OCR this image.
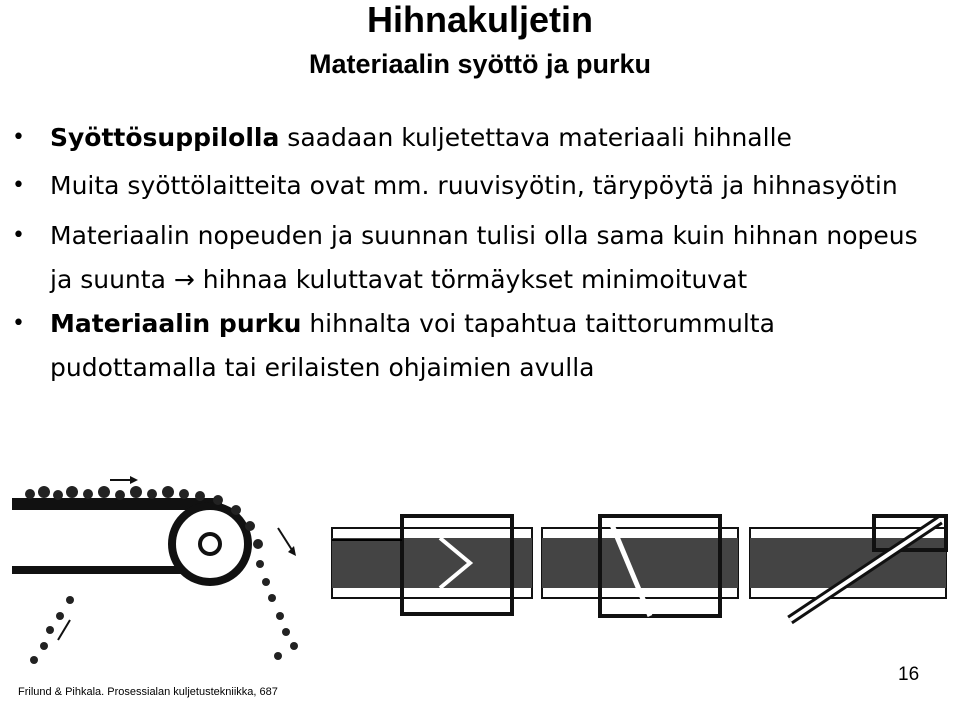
Hihnakuljetin
Materiaalin syöttö ja purku
• Syöttösuppilolla saadaan kuljetettava materiaali hihnalle
• Muita syöttölaitteita ovat mm. ruuvisyötin, tärypöytä ja hihnasyötin
• Materiaalin nopeuden ja suunnan tulisi olla sama kuin hihnan nopeus ja suunta → hihnaa kuluttavat törmäykset minimoituvat
• Materiaalin purku hihnalta voi tapahtua taittorummulta pudottamalla tai erilaisten ohjaimien avulla
16
Frilund & Pihkala. Prosessialan kuljetustekniikka, 687
